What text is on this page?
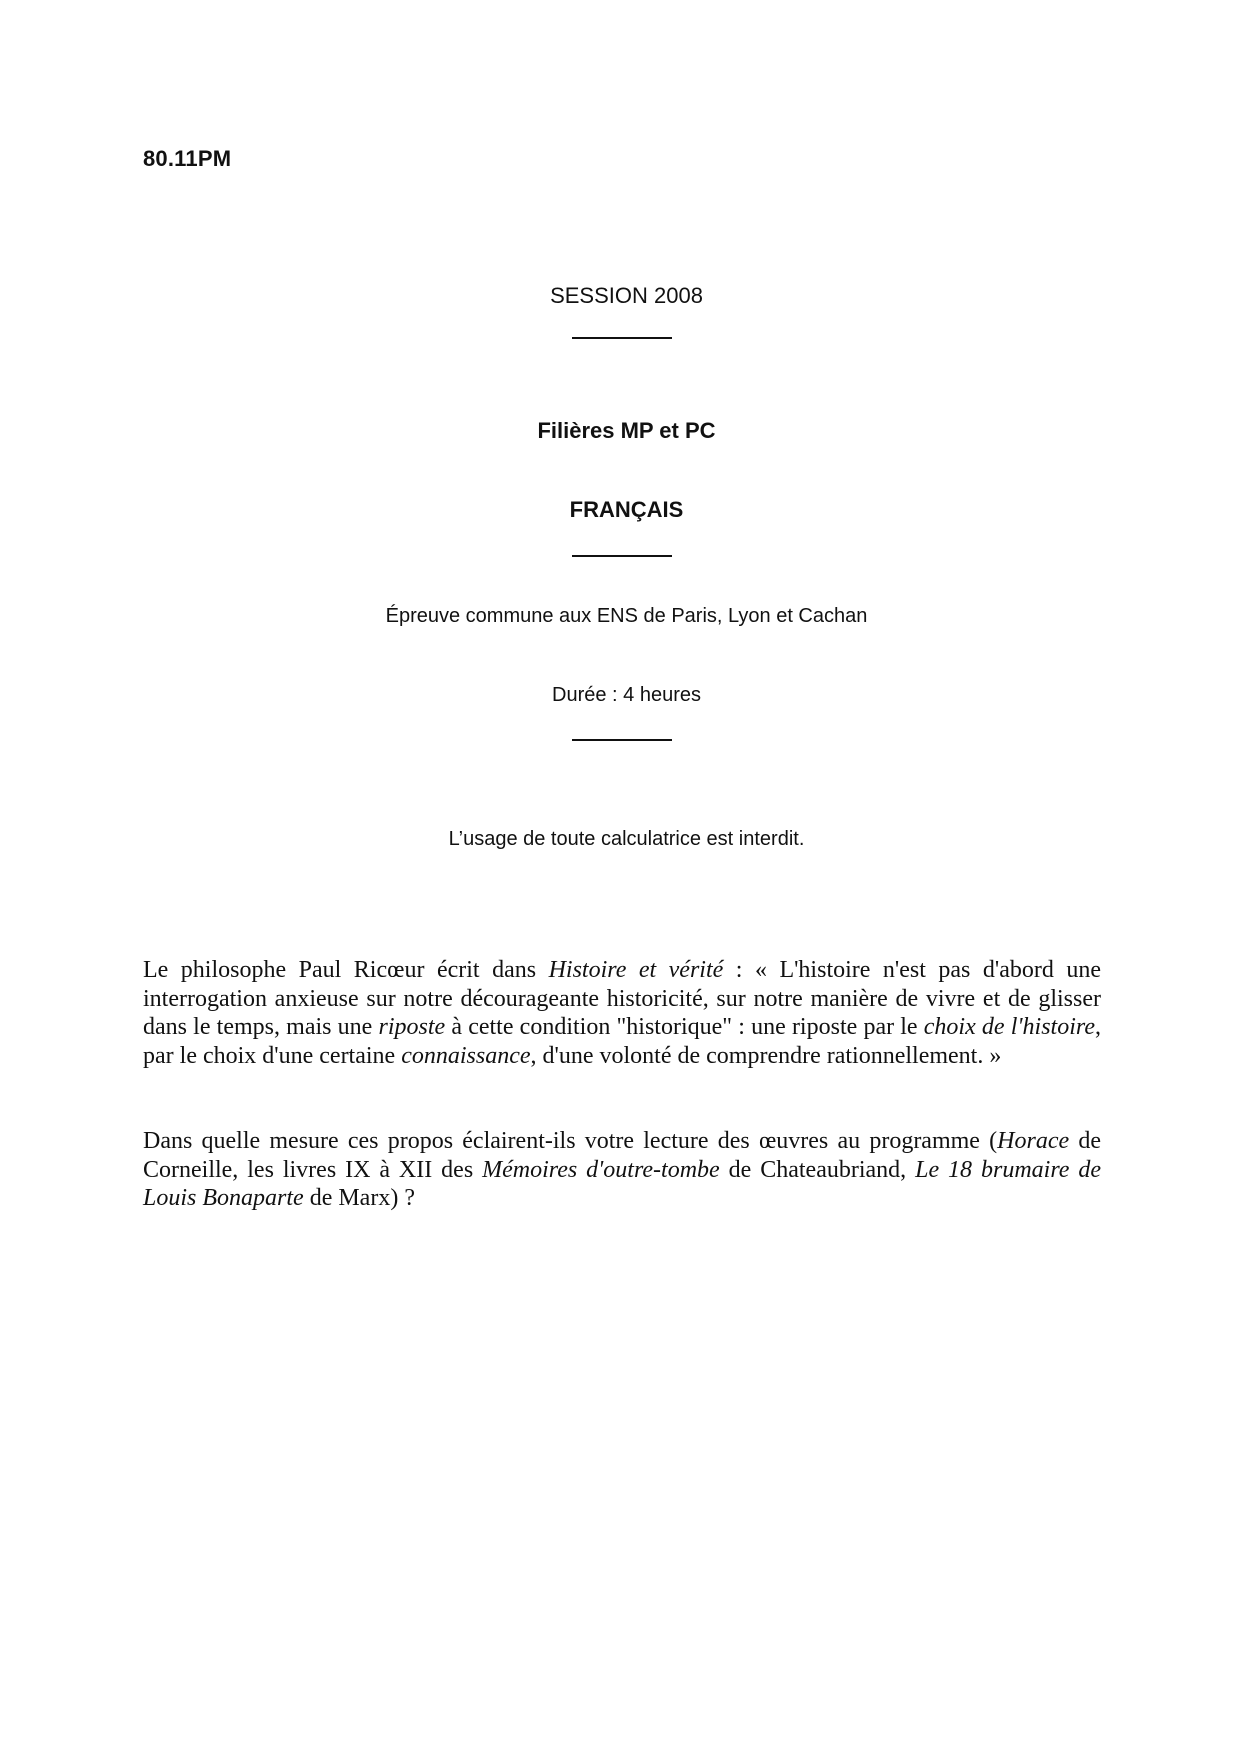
80.11PM
SESSION 2008
Filières MP et PC
FRANÇAIS
Épreuve commune aux ENS de Paris, Lyon et Cachan
Durée : 4 heures
L’usage de toute calculatrice est interdit.
Le philosophe Paul Ricœur écrit dans Histoire et vérité : « L'histoire n'est pas d'abord une interrogation anxieuse sur notre décourageante historicité, sur notre manière de vivre et de glisser dans le temps, mais une riposte à cette condition "historique" : une riposte par le choix de l'histoire, par le choix d'une certaine connaissance, d'une volonté de comprendre rationnellement. »
Dans quelle mesure ces propos éclairent-ils votre lecture des œuvres au programme (Horace de Corneille, les livres IX à XII des Mémoires d'outre-tombe de Chateaubriand, Le 18 brumaire de Louis Bonaparte de Marx) ?
